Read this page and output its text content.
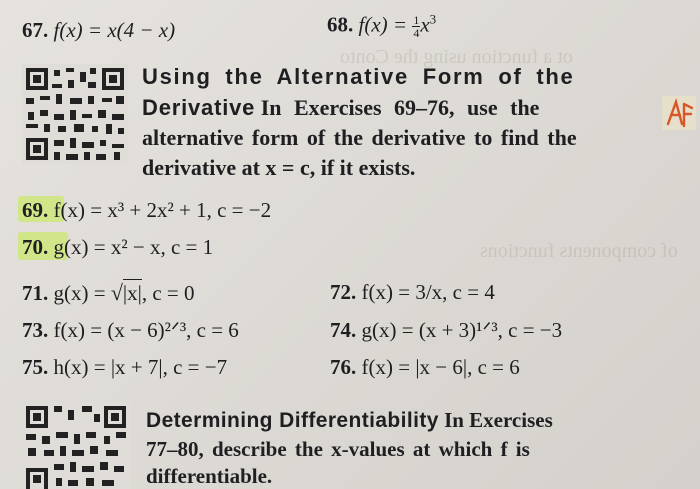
ot a function using the Conto
of components functions
67. f(x) = x(4 − x)	68. $f(x) = \frac{1}{4} x^3$
Using the Alternative Form of the
Derivative In Exercises 69–76, use the
alternative form of the derivative to find the
derivative at x = c, if it exists.
69. f(x) = x³ + 2x² + 1, c = −2
70. g(x) = x² − x, c = 1
71. g(x) = √|x|, c = 0	72. f(x) = 3/x, c = 4
73. f(x) = (x − 6)²ᐟ³, c = 6	74. g(x) = (x + 3)¹ᐟ³, c = −3
75. h(x) = |x + 7|, c = −7	76. f(x) = |x − 6|, c = 6
Determining Differentiability In Exercises
77–80, describe the x-values at which f is
differentiable.
